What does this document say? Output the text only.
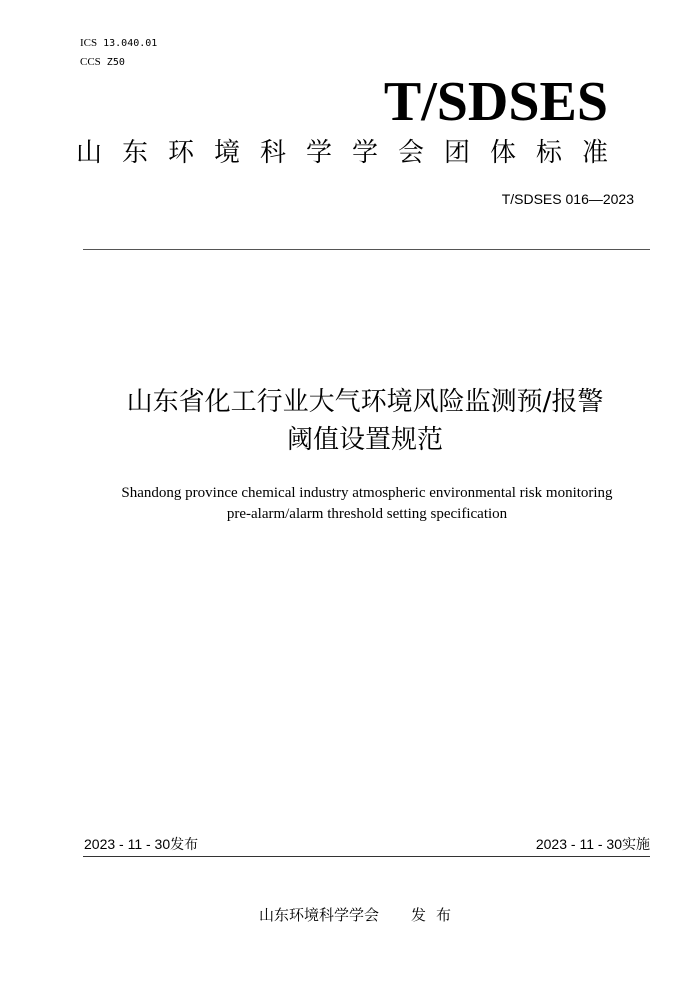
ICS 13.040.01
CCS Z50
T/SDSES
山东环境科学学会团体标准
T/SDSES 016—2023
山东省化工行业大气环境风险监测预/报警
阈值设置规范
Shandong province chemical industry atmospheric environmental risk monitoring
pre-alarm/alarm threshold setting specification
2023 - 11 - 30发布	2023 - 11 - 30实施
山东环境科学学会 发布
